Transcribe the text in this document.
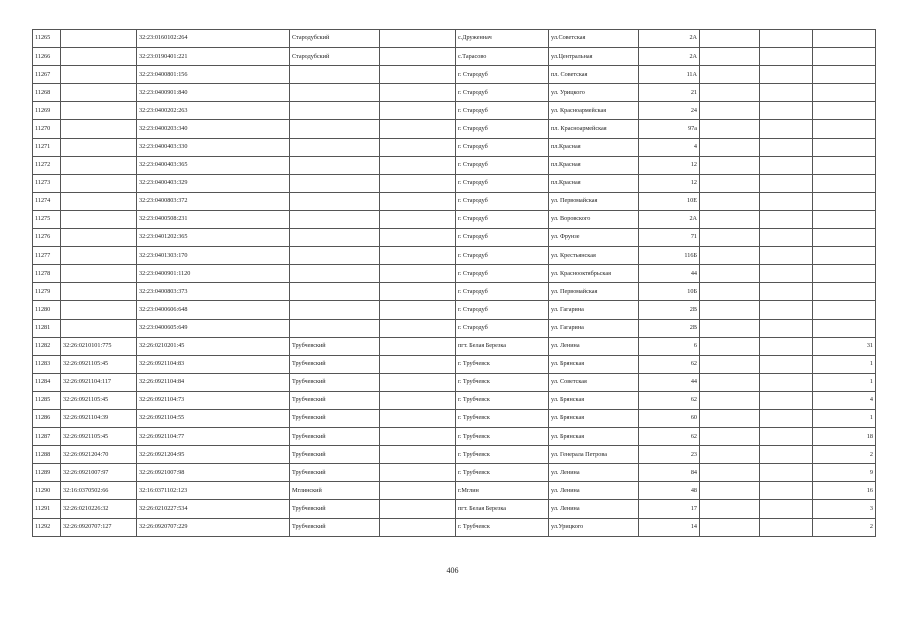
11265		32:23:0160102:264	Стародубский		с.Друженнач	ул.Советская	2А			
11266		32:23:0190401:221	Стародубский		с.Тарасово	ул.Центральная	2А			
11267		32:23:0400801:156			г. Стародуб	пл. Советская	11А			
11268		32:23:0400901:840			г. Стародуб	ул. Урицкого	21			
11269		32:23:0400202:263			г. Стародуб	ул. Красноармейская	24			
11270		32:23:0400203:340			г. Стародуб	пл. Красноармейская	97а			
11271		32:23:0400403:330			г. Стародуб	пл.Красная	4			
11272		32:23:0400403:365			г. Стародуб	пл.Красная	12			
11273		32:23:0400403:329			г. Стародуб	пл.Красная	12			
11274		32:23:0400803:372			г. Стародуб	ул. Первомайская	10Е			
11275		32:23:0400508:231			г. Стародуб	ул. Воровского	2А			
11276		32:23:0401202:365			г. Стародуб	ул. Фрунзе	71			
11277		32:23:0401303:170			г. Стародуб	ул. Крестьянская	116Б			
11278		32:23:0400901:1120			г. Стародуб	ул. Краснооктябрьская	44			
11279		32:23:0400803:373			г. Стародуб	ул. Первомайская	10Б			
11280		32:23:0400606:648			г. Стародуб	ул. Гагарина	2В			
11281		32:23:0400605:649			г. Стародуб	ул. Гагарина	2В			
11282	32:26:0210101:775	32:26:0210201:45	Трубчевский		пгт. Белая Березка	ул. Ленина	6			31
11283	32:26:0921105:45	32:26:0921104:83	Трубчевский		г. Трубчевск	ул. Брянская	62			1
11284	32:26:0921104:117	32:26:0921104:84	Трубчевский		г. Трубчевск	ул. Советская	44			1
11285	32:26:0921105:45	32:26:0921104:73	Трубчевский		г. Трубчевск	ул. Брянская	62			4
11286	32:26:0921104:39	32:26:0921104:55	Трубчевский		г. Трубчевск	ул. Брянская	60			1
11287	32:26:0921105:45	32:26:0921104:77	Трубчевский		г. Трубчевск	ул. Брянская	62			18
11288	32:26:0921204:70	32:26:0921204:95	Трубчевский		г. Трубчевск	ул. Генерала Петрова	23			2
11289	32:26:0921007:97	32:26:0921007:98	Трубчевский		г. Трубчевск	ул. Ленина	84			9
11290	32:16:0370502:66	32:16:0371102:123	Мглинский		г.Мглин	ул. Ленина	48			16
11291	32:26:0210226:32	32:26:0210227:534	Трубчевский		пгт. Белая Березка	ул. Ленина	17			3
11292	32:26:0920707:127	32:26:0920707:229	Трубчевский		г. Трубчевск	ул.Урицкого	14			2
406
